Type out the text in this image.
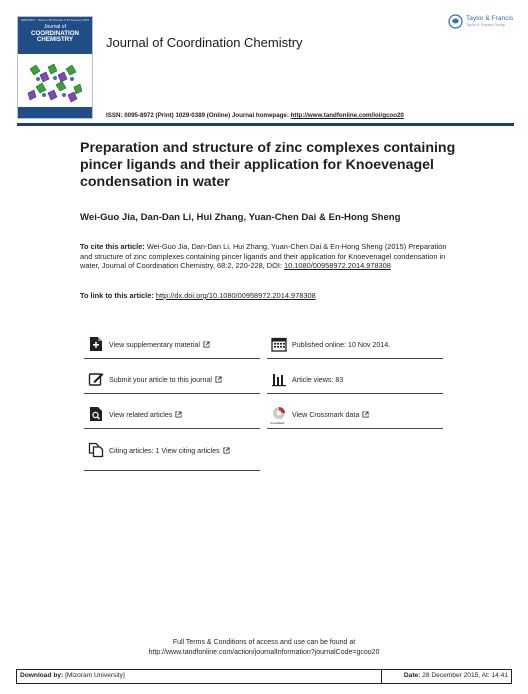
0095-8972 Volume 68 Number 2 15 January 2015
Journal of
COORDINATION
CHEMISTRY	Journal of Coordination Chemistry
Taylor & Francis
Taylor & Francis Group
ISSN: 0095-8972 (Print) 1029-0389 (Online) Journal homepage: http://www.tandfonline.com/loi/gcoo20
Preparation and structure of zinc complexes containing pincer ligands and their application for Knoevenagel condensation in water
Wei-Guo Jia, Dan-Dan Li, Hui Zhang, Yuan-Chen Dai & En-Hong Sheng
To cite this article: Wei-Guo Jia, Dan-Dan Li, Hui Zhang, Yuan-Chen Dai & En-Hong Sheng (2015) Preparation and structure of zinc complexes containing pincer ligands and their application for Knoevenagel condensation in water, Journal of Coordination Chemistry, 68:2, 220-228, DOI: 10.1080/00958972.2014.978308
To link to this article: http://dx.doi.org/10.1080/00958972.2014.978308
View supplementary material
Submit your article to this journal
View related articles
Citing articles: 1 View citing articles
Published online: 10 Nov 2014.
Article views: 83
CrossMark
View Crossmark data
Full Terms & Conditions of access and use can be found at
http://www.tandfonline.com/action/journalInformation?journalCode=gcoo20
Download by: [Mizoram University]	Date: 28 December 2015, At: 14:41
